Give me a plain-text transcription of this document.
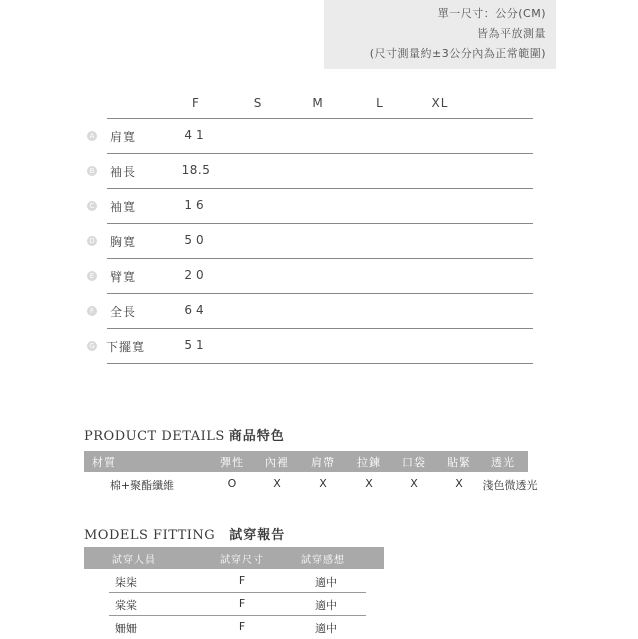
單一尺寸：公分(CM)
皆為平放測量
(尺寸測量約±3公分內為正常範圍)
F	S	M	L	XL
A 肩寬	41
B 袖長	18.5
C 袖寬	16
D 胸寬	50
E 臂寬	20
F 全長	64
G 下擺寬	51
PRODUCT DETAILS 商品特色
材質	彈性 內裡 肩帶 拉鍊 口袋 貼緊 透光
棉+聚酯纖維	O	X	X	X	X	X 淺色微透光
MODELS FITTING 試穿報告
試穿人員	試穿尺寸	試穿感想
柒柒	F	適中
棠棠	F	適中
姍姍	F	適中
